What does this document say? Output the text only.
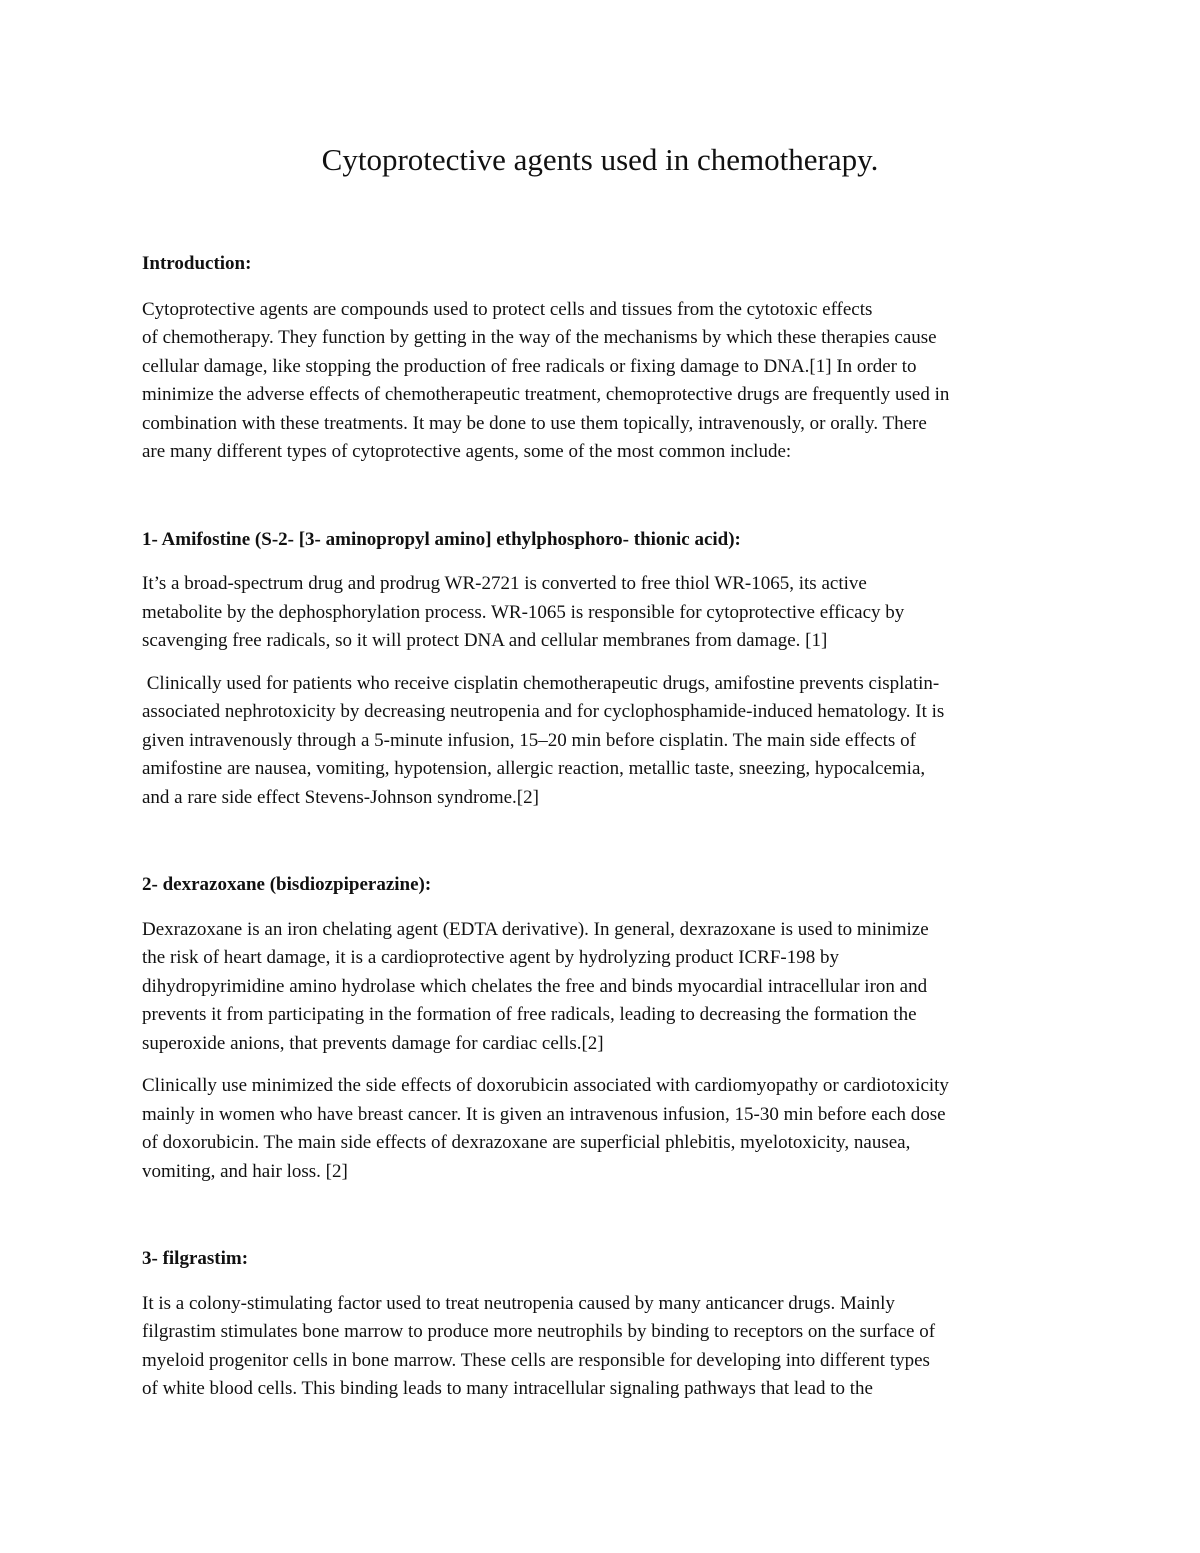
Cytoprotective agents used in chemotherapy.

Introduction:

Cytoprotective agents are compounds used to protect cells and tissues from the cytotoxic effects
of chemotherapy. They function by getting in the way of the mechanisms by which these therapies cause
cellular damage, like stopping the production of free radicals or fixing damage to DNA.[1] In order to
minimize the adverse effects of chemotherapeutic treatment, chemoprotective drugs are frequently used in
combination with these treatments. It may be done to use them topically, intravenously, or orally. There
are many different types of cytoprotective agents, some of the most common include:

1- Amifostine (S-2- [3- aminopropyl amino] ethylphosphoro- thionic acid):

It’s a broad-spectrum drug and prodrug WR-2721 is converted to free thiol WR-1065, its active
metabolite by the dephosphorylation process. WR-1065 is responsible for cytoprotective efficacy by
scavenging free radicals, so it will protect DNA and cellular membranes from damage. [1]

Clinically used for patients who receive cisplatin chemotherapeutic drugs, amifostine prevents cisplatin-
associated nephrotoxicity by decreasing neutropenia and for cyclophosphamide-induced hematology. It is
given intravenously through a 5-minute infusion, 15–20 min before cisplatin. The main side effects of
amifostine are nausea, vomiting, hypotension, allergic reaction, metallic taste, sneezing, hypocalcemia,
and a rare side effect Stevens-Johnson syndrome.[2]

2- dexrazoxane (bisdiozpiperazine):

Dexrazoxane is an iron chelating agent (EDTA derivative). In general, dexrazoxane is used to minimize
the risk of heart damage, it is a cardioprotective agent by hydrolyzing product ICRF-198 by
dihydropyrimidine amino hydrolase which chelates the free and binds myocardial intracellular iron and
prevents it from participating in the formation of free radicals, leading to decreasing the formation the
superoxide anions, that prevents damage for cardiac cells.[2]

Clinically use minimized the side effects of doxorubicin associated with cardiomyopathy or cardiotoxicity
mainly in women who have breast cancer. It is given an intravenous infusion, 15-30 min before each dose
of doxorubicin. The main side effects of dexrazoxane are superficial phlebitis, myelotoxicity, nausea,
vomiting, and hair loss. [2]

3- filgrastim:

It is a colony-stimulating factor used to treat neutropenia caused by many anticancer drugs. Mainly
filgrastim stimulates bone marrow to produce more neutrophils by binding to receptors on the surface of
myeloid progenitor cells in bone marrow. These cells are responsible for developing into different types
of white blood cells. This binding leads to many intracellular signaling pathways that lead to the
